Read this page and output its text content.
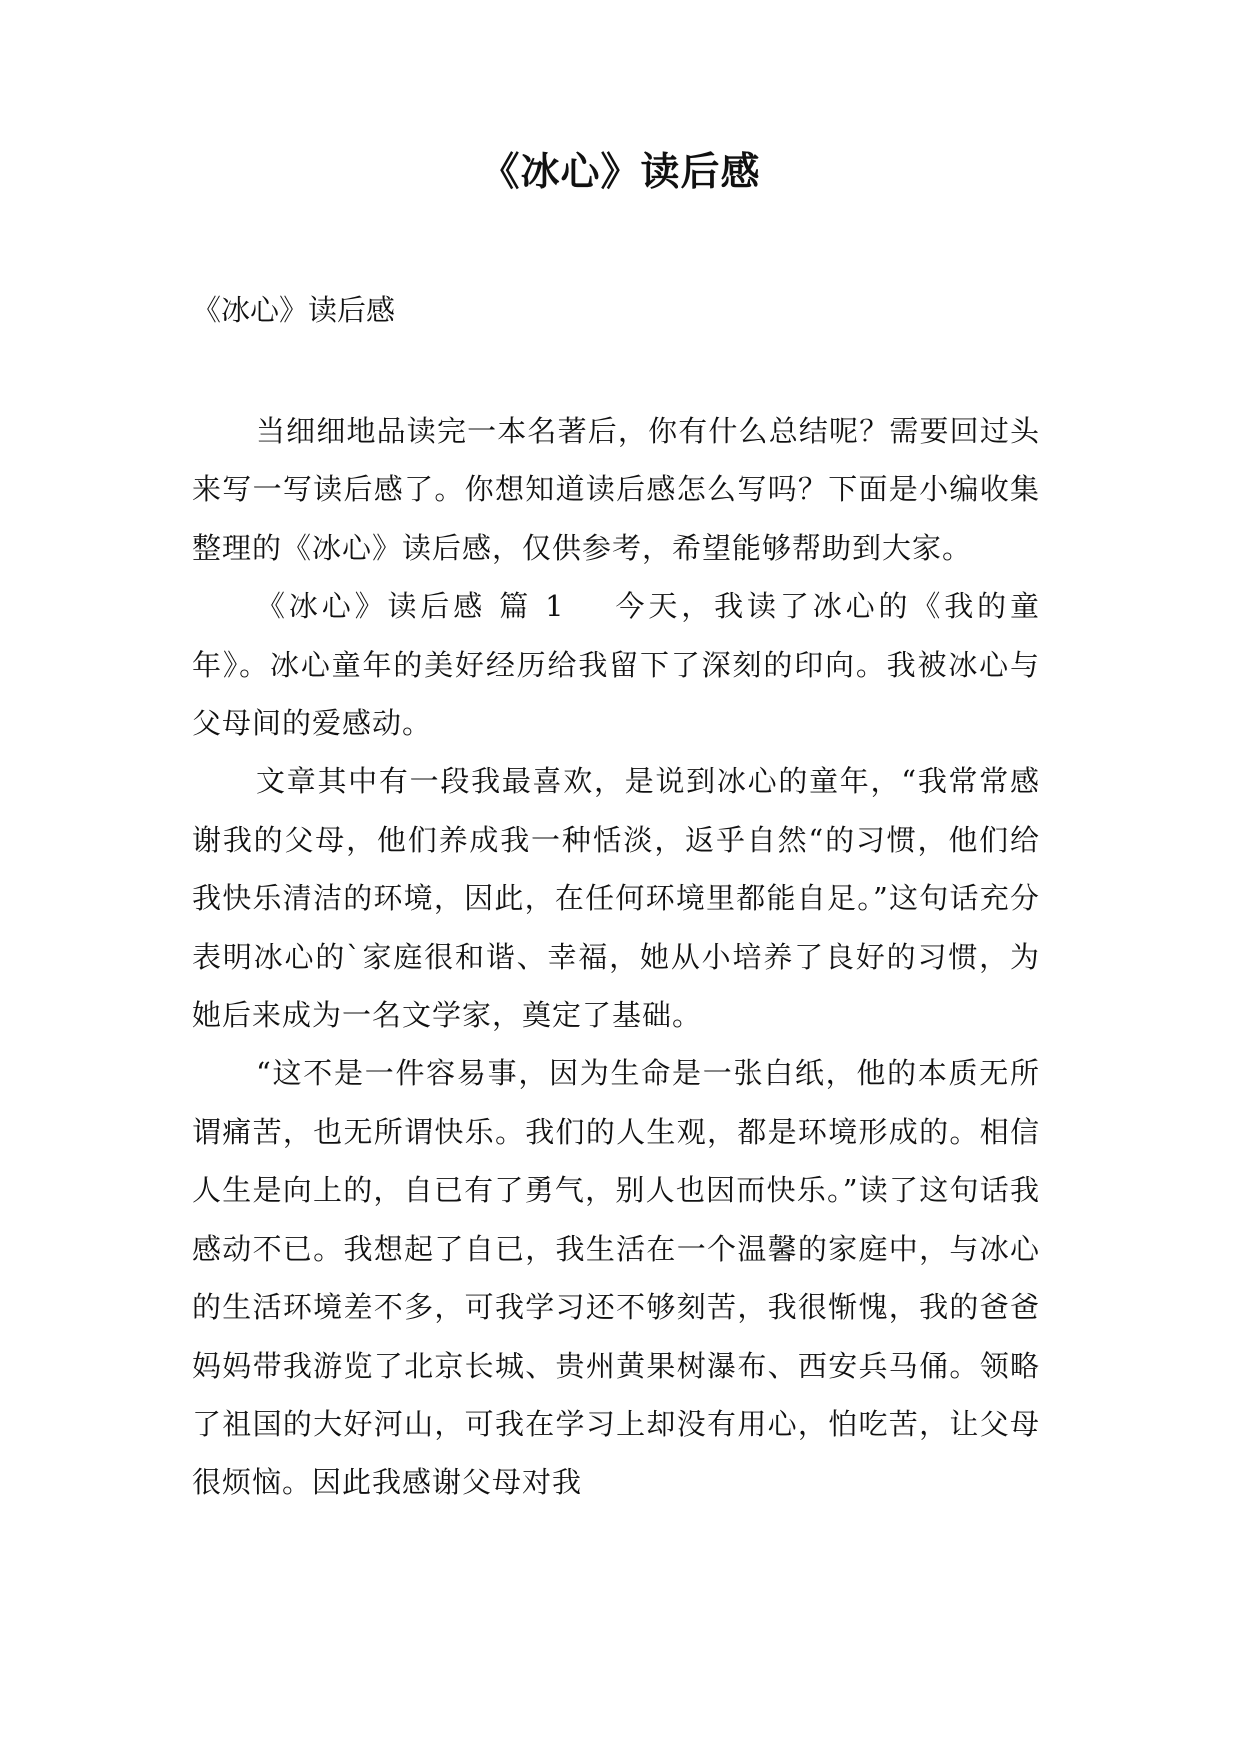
《冰心》读后感
《冰心》读后感

当细细地品读完一本名著后，你有什么总结呢？需要回过头来写一写读后感了。你想知道读后感怎么写吗？下面是小编收集整理的《冰心》读后感，仅供参考，希望能够帮助到大家。

《冰心》读后感 篇 1 今天，我读了冰心的《我的童年》。冰心童年的美好经历给我留下了深刻的印向。我被冰心与父母间的爱感动。

文章其中有一段我最喜欢，是说到冰心的童年，“我常常感谢我的父母，他们养成我一种恬淡，返乎自然“的习惯，他们给我快乐清洁的环境，因此，在任何环境里都能自足。”这句话充分表明冰心的`家庭很和谐、幸福，她从小培养了良好的习惯，为她后来成为一名文学家，奠定了基础。

“这不是一件容易事，因为生命是一张白纸，他的本质无所谓痛苦，也无所谓快乐。我们的人生观，都是环境形成的。相信人生是向上的，自已有了勇气，别人也因而快乐。”读了这句话我感动不已。我想起了自已，我生活在一个温馨的家庭中，与冰心的生活环境差不多，可我学习还不够刻苦，我很惭愧，我的爸爸妈妈带我游览了北京长城、贵州黄果树瀑布、西安兵马俑。领略了祖国的大好河山，可我在学习上却没有用心，怕吃苦，让父母很烦恼。因此我感谢父母对我
